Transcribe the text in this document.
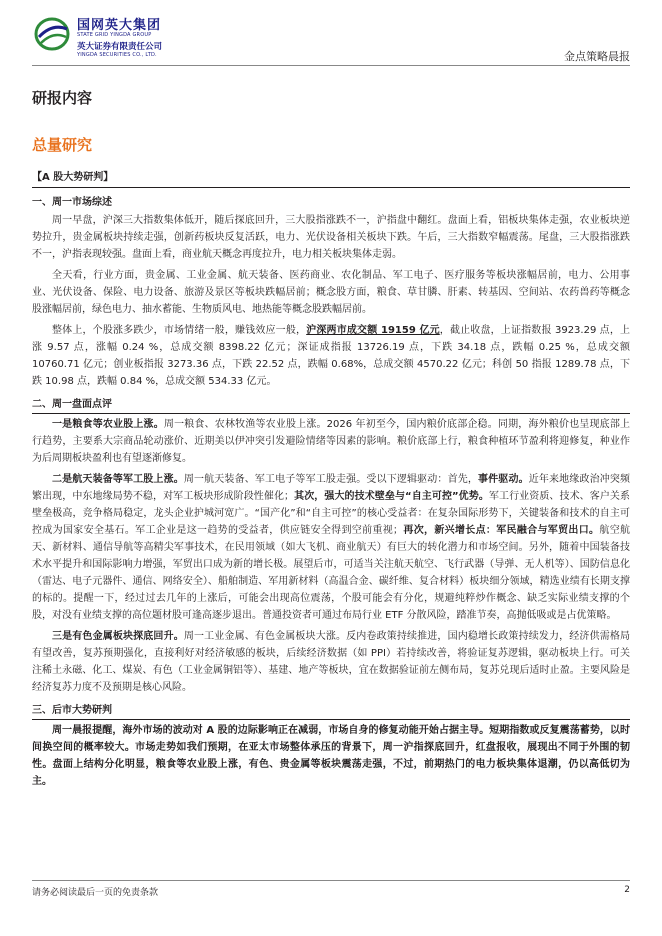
国网英大集团
STATE GRID YINGDA GROUP
英大证券有限责任公司
YINGDA SECURITIES CO., LTD.	金点策略晨报
研报内容
总量研究
【A 股大势研判】
一、周一市场综述

周一早盘，沪深三大指数集体低开，随后探底回升，三大股指涨跌不一，沪指盘中翻红。盘面上看，铝板块集体走强，农业板块逆势拉升，贵金属板块持续走强，创新药板块反复活跃，电力、光伏设备相关板块下跌。午后，三大指数窄幅震荡。尾盘，三大股指涨跌不一，沪指表现较强。盘面上看，商业航天概念再度拉升，电力相关板块集体走弱。

全天看，行业方面，贵金属、工业金属、航天装备、医药商业、农化制品、军工电子、医疗服务等板块涨幅居前，电力、公用事业、光伏设备、保险、电力设备、旅游及景区等板块跌幅居前；概念股方面，粮食、草甘膦、肝素、转基因、空间站、农药兽药等概念股涨幅居前，绿色电力、抽水蓄能、生物质风电、地热能等概念股跌幅居前。

整体上，个股涨多跌少，市场情绪一般，赚钱效应一般，沪深两市成交额 19159 亿元，截止收盘，上证指数报 3923.29 点，上涨 9.57 点，涨幅 0.24 %，总成交额 8398.22 亿元；深证成指报 13726.19 点，下跌 34.18 点，跌幅 0.25 %，总成交额 10760.71 亿元；创业板指报 3273.36 点，下跌 22.52 点，跌幅 0.68%，总成交额 4570.22 亿元；科创 50 指报 1289.78 点，下跌 10.98 点，跌幅 0.84 %，总成交额 534.33 亿元。

二、周一盘面点评

一是粮食等农业股上涨。周一粮食、农林牧渔等农业股上涨。2026 年初至今，国内粮价底部企稳。同期，海外粮价也呈现底部上行趋势，主要系大宗商品轮动涨价、近期美以伊冲突引发避险情绪等因素的影响。粮价底部上行，粮食种植环节盈利将迎修复，种业作为后周期板块盈利也有望逐渐修复。

二是航天装备等军工股上涨。周一航天装备、军工电子等军工股走强。受以下逻辑驱动：首先，事件驱动。近年来地缘政治冲突频繁出现，中东地缘局势不稳，对军工板块形成阶段性催化；其次，强大的技术壁垒与“自主可控”优势。军工行业资质、技术、客户关系壁垒极高，竞争格局稳定，龙头企业护城河宽广。“国产化”和“自主可控”的核心受益者：在复杂国际形势下，关键装备和技术的自主可控成为国家安全基石。军工企业是这一趋势的受益者，供应链安全得到空前重视；再次，新兴增长点：军民融合与军贸出口。航空航天、新材料、通信导航等高精尖军事技术，在民用领域（如大飞机、商业航天）有巨大的转化潜力和市场空间。另外，随着中国装备技术水平提升和国际影响力增强，军贸出口成为新的增长极。展望后市，可适当关注航天航空、飞行武器（导弹、无人机等）、国防信息化（雷达、电子元器件、通信、网络安全）、船舶制造、军用新材料（高温合金、碳纤维、复合材料）板块细分领域，精选业绩有长期支撑的标的。提醒一下，经过过去几年的上涨后，可能会出现高位震荡，个股可能会有分化，规避纯粹炒作概念、缺乏实际业绩支撑的个股，对没有业绩支撑的高位题材股可逢高逐步退出。普通投资者可通过布局行业 ETF 分散风险，踏准节奏，高抛低吸或是占优策略。

三是有色金属板块探底回升。周一工业金属、有色金属板块大涨。反内卷政策持续推进，国内稳增长政策持续发力，经济供需格局有望改善，复苏预期强化，直接利好对经济敏感的板块，后续经济数据（如 PPI）若持续改善，将验证复苏逻辑，驱动板块上行。可关注稀土永磁、化工、煤炭、有色（工业金属铜铝等）、基建、地产等板块，宜在数据验证前左侧布局，复苏兑现后适时止盈。主要风险是经济复苏力度不及预期是核心风险。

三、后市大势研判

周一晨报提醒，海外市场的波动对 A 股的边际影响正在减弱，市场自身的修复动能开始占据主导。短期指数或反复震荡蓄势，以时间换空间的概率较大。市场走势如我们预期，在亚太市场整体承压的背景下，周一沪指探底回升，红盘报收，展现出不同于外围的韧性。盘面上结构分化明显，粮食等农业股上涨，有色、贵金属等板块震荡走强，不过，前期热门的电力板块集体退潮，仍以高低切为主。

请务必阅读最后一页的免责条款	2
